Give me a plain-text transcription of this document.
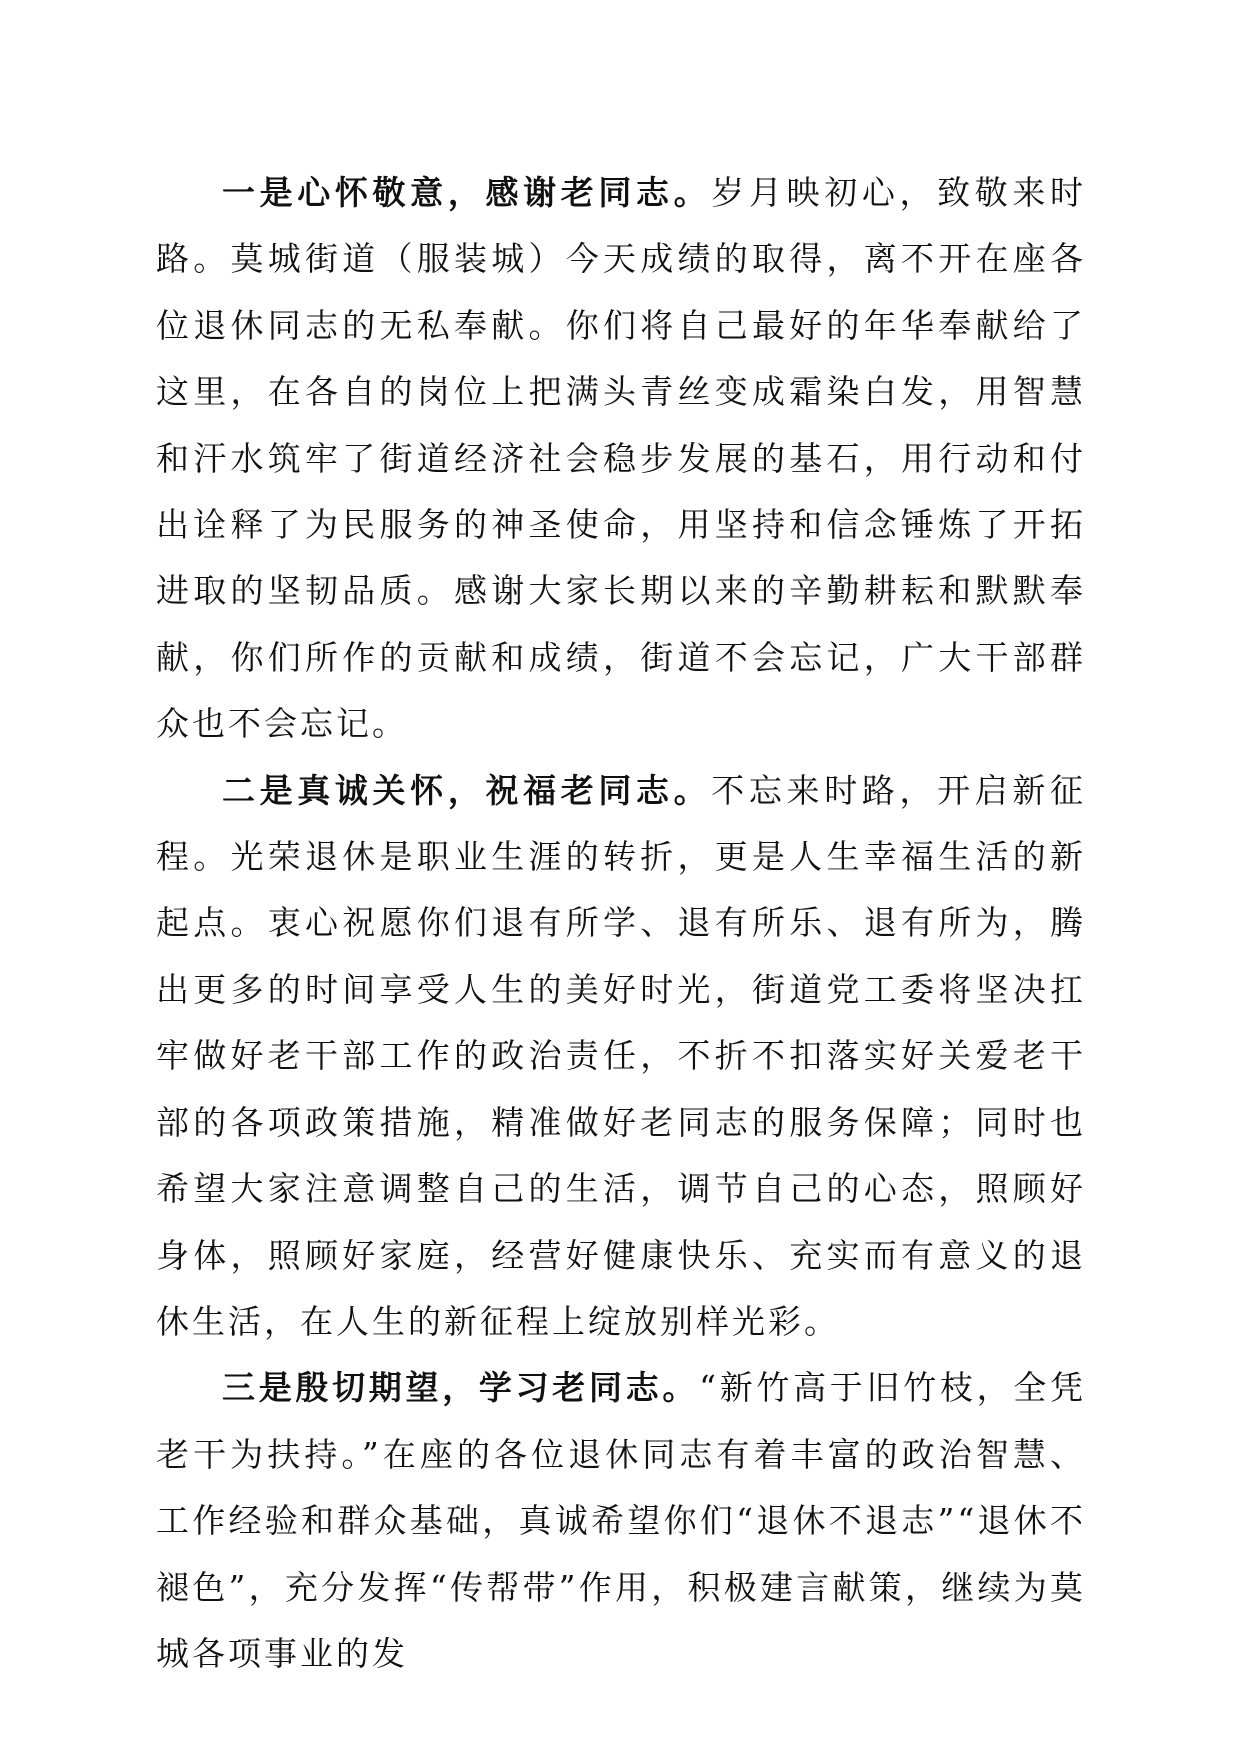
一是心怀敬意，感谢老同志。岁月映初心，致敬来时路。莫城街道（服装城）今天成绩的取得，离不开在座各位退休同志的无私奉献。你们将自己最好的年华奉献给了这里，在各自的岗位上把满头青丝变成霜染白发，用智慧和汗水筑牢了街道经济社会稳步发展的基石，用行动和付出诠释了为民服务的神圣使命，用坚持和信念锤炼了开拓进取的坚韧品质。感谢大家长期以来的辛勤耕耘和默默奉献，你们所作的贡献和成绩，街道不会忘记，广大干部群众也不会忘记。

二是真诚关怀，祝福老同志。不忘来时路，开启新征程。光荣退休是职业生涯的转折，更是人生幸福生活的新起点。衷心祝愿你们退有所学、退有所乐、退有所为，腾出更多的时间享受人生的美好时光，街道党工委将坚决扛牢做好老干部工作的政治责任，不折不扣落实好关爱老干部的各项政策措施，精准做好老同志的服务保障；同时也希望大家注意调整自己的生活，调节自己的心态，照顾好身体，照顾好家庭，经营好健康快乐、充实而有意义的退休生活，在人生的新征程上绽放别样光彩。

三是殷切期望，学习老同志。“新竹高于旧竹枝，全凭老干为扶持。”在座的各位退休同志有着丰富的政治智慧、工作经验和群众基础，真诚希望你们“退休不退志”“退休不褪色”，充分发挥“传帮带”作用，积极建言献策，继续为莫城各项事业的发
